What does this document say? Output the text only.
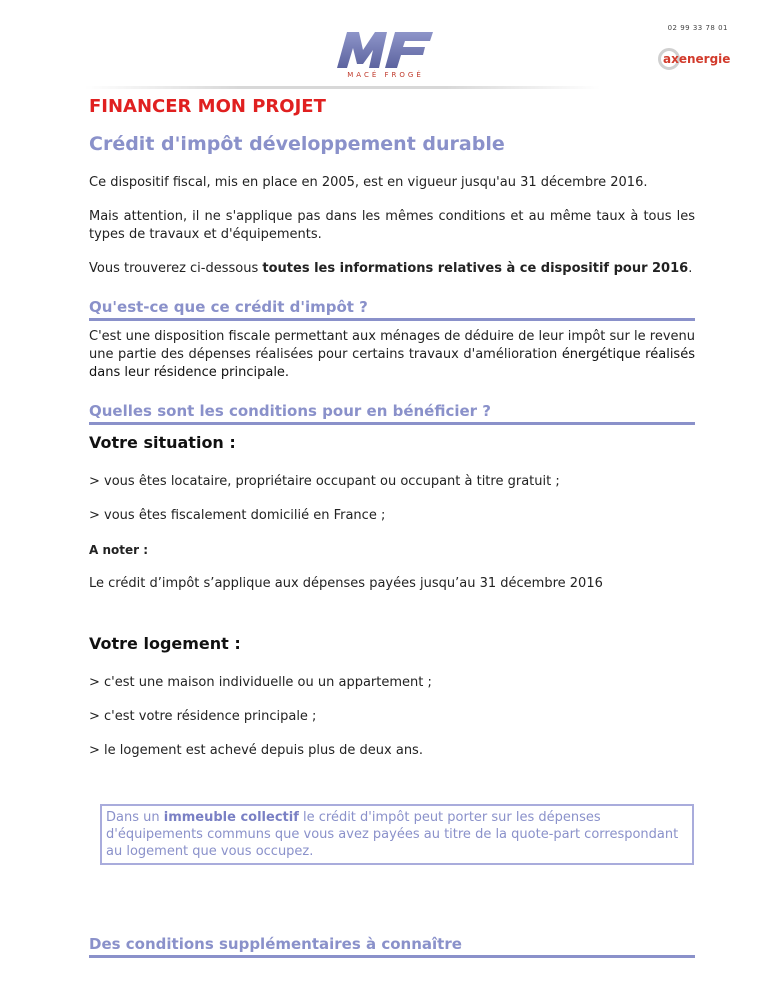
MACÉ FROGÉ
02 99 33 78 01
axenergie
FINANCER MON PROJET
Crédit d'impôt développement durable

Ce dispositif fiscal, mis en place en 2005, est en vigueur jusqu'au 31 décembre 2016.

Mais attention, il ne s'applique pas dans les mêmes conditions et au même taux à tous les types de travaux et d'équipements.

Vous trouverez ci-dessous toutes les informations relatives à ce dispositif pour 2016.

Qu'est-ce que ce crédit d'impôt ?

C'est une disposition fiscale permettant aux ménages de déduire de leur impôt sur le revenu une partie des dépenses réalisées pour certains travaux d'amélioration énergétique réalisés dans leur résidence principale.

Quelles sont les conditions pour en bénéficier ?
Votre situation :

> vous êtes locataire, propriétaire occupant ou occupant à titre gratuit ;

> vous êtes fiscalement domicilié en France ;

A noter :

Le crédit d’impôt s’applique aux dépenses payées jusqu’au 31 décembre 2016

Votre logement :

> c'est une maison individuelle ou un appartement ;

> c'est votre résidence principale ;

> le logement est achevé depuis plus de deux ans.

Dans un immeuble collectif le crédit d'impôt peut porter sur les dépenses d'équipements communs que vous avez payées au titre de la quote-part correspondant au logement que vous occupez.
Des conditions supplémentaires à connaître
